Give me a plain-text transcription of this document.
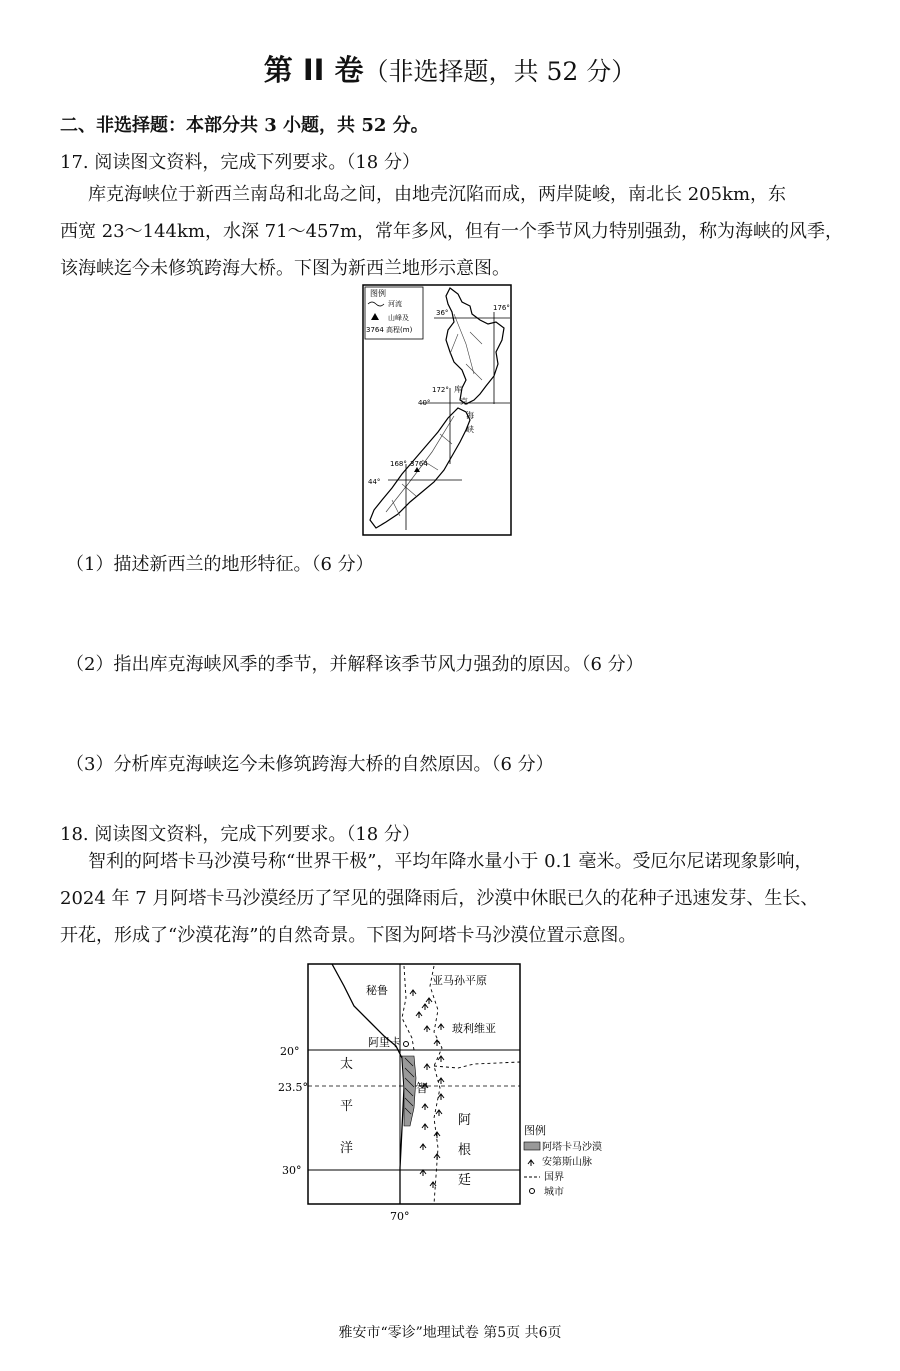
第 II 卷（非选择题，共 52 分）
二、非选择题：本部分共 3 小题，共 52 分。
17. 阅读图文资料，完成下列要求。（18 分）
库克海峡位于新西兰南岛和北岛之间，由地壳沉陷而成，两岸陡峻，南北长 205km，东
西宽 23～144km，水深 71～457m，常年多风，但有一个季节风力特别强劲，称为海峡的风季，
该海峡迄今未修筑跨海大桥。下图为新西兰地形示意图。
图例
河流
山峰及
3764 高程(m)
36°
176°
172°
40°
44°
168° 3764
库
克
海
峡
（1）描述新西兰的地形特征。（6 分）
（2）指出库克海峡风季的季节，并解释该季节风力强劲的原因。（6 分）
（3）分析库克海峡迄今未修筑跨海大桥的自然原因。（6 分）
18. 阅读图文资料，完成下列要求。（18 分）
智利的阿塔卡马沙漠号称“世界干极”，平均年降水量小于 0.1 毫米。受厄尔尼诺现象影响，
2024 年 7 月阿塔卡马沙漠经历了罕见的强降雨后，沙漠中休眠已久的花种子迅速发芽、生长、
开花，形成了“沙漠花海”的自然奇景。下图为阿塔卡马沙漠位置示意图。
秘鲁
亚马孙平原
玻利维亚
阿里卡
20°
23.5°
30°
70°
太
平
洋
智
阿
根
廷
图例
阿塔卡马沙漠
安第斯山脉
国界
城市
雅安市“零诊”地理试卷 第5页 共6页
